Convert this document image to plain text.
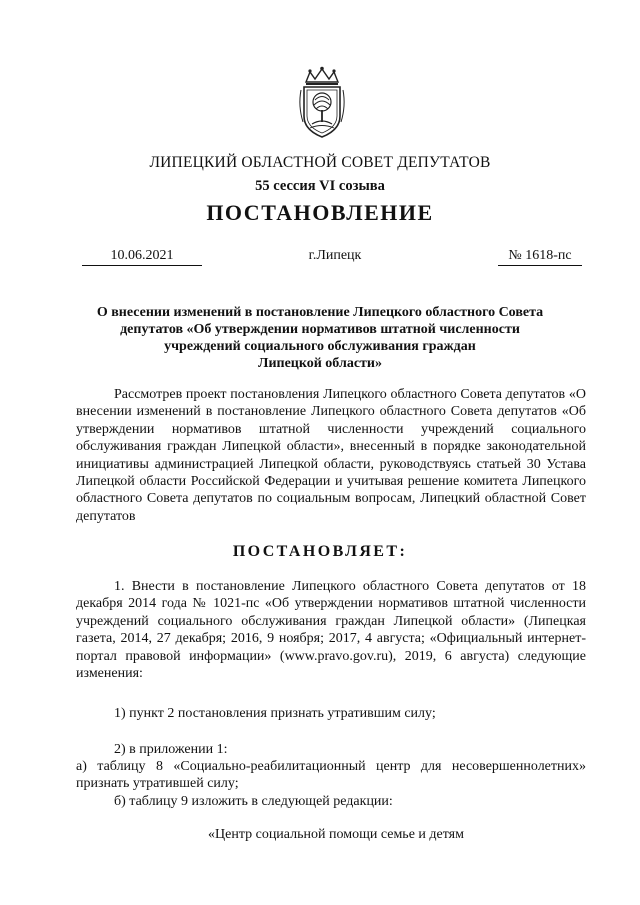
ЛИПЕЦКИЙ ОБЛАСТНОЙ СОВЕТ ДЕПУТАТОВ
55 сессия VI созыва
ПОСТАНОВЛЕНИЕ
10.06.2021	г.Липецк	№ 1618-пс
О внесении изменений в постановление Липецкого областного Совета
депутатов «Об утверждении нормативов штатной численности
учреждений социального обслуживания граждан
Липецкой области»

Рассмотрев проект постановления Липецкого областного Совета депутатов «О внесении изменений в постановление Липецкого областного Совета депутатов «Об утверждении нормативов штатной численности учреждений социального обслуживания граждан Липецкой области», внесенный в порядке законодательной инициативы администрацией Липецкой области, руководствуясь статьей 30 Устава Липецкой области Российской Федерации и учитывая решение комитета Липецкого областного Совета депутатов по социальным вопросам, Липецкий областной Совет депутатов

ПОСТАНОВЛЯЕТ:

1. Внести в постановление Липецкого областного Совета депутатов от 18 декабря 2014 года № 1021-пс «Об утверждении нормативов штатной численности учреждений социального обслуживания граждан Липецкой области» (Липецкая газета, 2014, 27 декабря; 2016, 9 ноября; 2017, 4 августа; «Официальный интернет-портал правовой информации» (www.pravo.gov.ru), 2019, 6 августа) следующие изменения:

1) пункт 2 постановления признать утратившим силу;

2) в приложении 1:

а) таблицу 8 «Социально-реабилитационный центр для несовершеннолетних» признать утратившей силу;

б) таблицу 9 изложить в следующей редакции:

«Центр социальной помощи семье и детям
